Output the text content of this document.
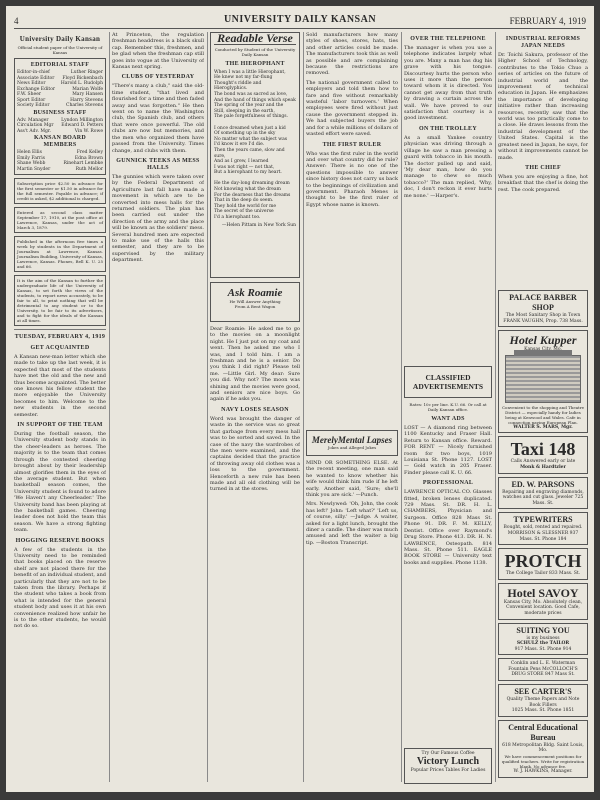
4	UNIVERSITY DAILY KANSAN	FEBRUARY 4, 1919
University Daily Kansan
Official student paper of the University of Kansas
EDITORIAL STAFF
Editor-in-chief	Luther Ringer
Associate Editor Floyd Bickenbach
News Editor	Harold L. Rudolph
Exchange Editor	Marian Wolfe
F.W. Sheer	Mary Hansen
Sport Editor	Harry Stevens
Society Editor	Charles Stevens
BUSINESS STAFF
Adv. Manager	Lyndon Millington
Circulation Mgr Edward D. Petters
Ass't Adv. Mgr.	Vin W. Rowe
KANSAN BOARD MEMBERS
Helen Ellis	Fred Kelley
Emily Farris	Edna Brown
Shane Webb	Rinehart Lembke
Martin Snyder	Ruth Mellor
Subscription price $2.50 in advance for the first semester or $1.50 in advance for the full semester. Payable in advance; if credit is asked, $2 additional is charged.
Entered as second class matter September 17, 1910, at the post office at Lawrence, Kansas, under the act of March 3, 1879.
Published in the afternoon five times a week by students in the Department of Journalism at Lawrence, Kansas. Journalism Building, University of Kansas, Lawrence, Kansas. Phones, Bell K. U. 25 and 66.
It is the aim of the Kansan to further the undergraduate life of the University of Kansas, to set forth the views of the students, to report news accurately, to be fair to all, to print nothing that will be detrimental to any student or to the University, to be fair to its advertisers, and to fight for the ideals of the Kansan at all times.
TUESDAY, FEBRUARY 4, 1919
GET ACQUAINTED
A Kansan new-man letter which she made to take up the last week, it is expected that most of the students have met the old and the new and thus become acquainted. The better one knows his fellow student the more enjoyable the University becomes to him. Welcome to the new students in the second semester.
IN SUPPORT OF THE TEAM
During the football season, the University student body stands in the cheer-leaders as heroes. The majority is to the team that comes through the contested cheering brought about by their leadership almost glorifies them in the eyes of the average student. But when basketball season comes, the University student is found to adore 'We Haven't any Cheerleader.' The University band has been playing at the basketball games. Cheering leader does not hold the team this season. We have a strong fighting team.
HOGGING RESERVE BOOKS
A few of the students in the University need to be reminded that books placed on the reserve shelf are not placed there for the benefit of an individual student, and particularly that they are not to be taken from the library. Perhaps if the student who takes a book from what is intended for the general student body and uses it at his own convenience realized how unfair he is to the other students, he would not do so.
At Princeton, the regulation freshman headdress is a black skull cap. Remember this, freshmen, and be glad when the freshman cap still goes into vogue at the University of Kansas next spring.
CLUBS OF YESTERDAY
"There's many a club," said the old-time student, "that lived and flourished for a time and then faded away and was forgotten." He then went on to name the Washington club, the Spanish club, and others that were once powerful. The old clubs are now but memories, and the men who organized them have passed from the University. Times change, and clubs with them.
GUNNICK TEEKS AS MESS HALLS
The gunnies which were taken over by the Federal Department of Agriculture last fall have made a movement in which are to be converted into mess halls for the returned soldiers. The plan has been carried out under the direction of the army and the place will be known as the soldiers' mess. Several hundred men are expected to make use of the halls this semester, and they are to be supervised by the military department.
Readable Verse
Conducted by Student of the University Daily Kansan
THE HIEROPHANT
When I was a little Hierophant,
He knew not my far-flung
Thought's riddle and Hieroglyphics.
The bond was as sacred as love,
And the hand of things which speak
The spring of the year and the
Still, sleeping in the earth,
The pale forgetfulness of things.

I once dreamed when just a kid
Of something up in the sky
No matter what the subject was
I'd know it ere I'd die.
Then the years came, slow and sure,
And as I grew, I learned
I was not right — not that,
But a hierophant to my heart.

He the day-long dreaming dream
Not knowing what the dream
For the dearness that the dreams
That in the deep do seem.
They hold the world for me
The secret of the universe
I'd a hierophant too.
—Helen Pittam in New York Sun
Ask Roamie
He Will Answer Anything
From A Bent Wagon
Dear Roamie: He asked me to go to the movies on a moonlight night. He I just put on my coat and went. Then he asked me who I was, and I told him. I am a freshman and he is a senior. Do you think I did right? Please tell me. —Little Girl. My dear: Sure you did. Why not? The moon was shining and the movies were good, and seniors are nice boys. Go again if he asks you.
NAVY LOSES SEASON
Word was brought the danger of waste in the service was so great that garbage from every mess hall was to be sorted and saved. In the case of the navy the wardrobes of the men were examined, and the captains decided that the practice of throwing away old clothes was a loss to the government. Henceforth a new rule has been made and all old clothing will be turned in at the stores.
Sold manufacturers how many styles of shoes, stores, hats, ties and other articles could be made. The manufacturers took this as well as possible and are complaining because the restrictions are removed.
The national government called to employers and told them how to fare and five without remarkably wasteful 'labor turnovers.' When employees were fired without just cause the government stepped in. We had subjected buyers the job and for a while millions of dollars of wasted effort were saved.
THE FIRST RULER
Who was the first ruler in the world and over what country did he rule? Answer: There is no one of the questions impossible to answer since history does not carry us back to the beginnings of civilization and government. Pharaoh Menes is thought to be the first ruler of Egypt whose name is known.
MerelyMental Lapses
Jokes and Alleged Jokes
MIND OR SOMETHING ELSE. At the recent meeting, one man said he wanted to know whether his wife would think him rude if he left early. Another said, 'Sure; she'll think you are sick.' —Punch.
Mrs. Newlywed: 'Oh, John, the cook has left!' John: 'Left what?' 'Left us, of course, silly.' —Judge. A waiter, asked for a light lunch, brought the diner a candle. The diner was much amused and left the waiter a big tip. —Boston Transcript.
OVER THE TELEPHONE
The manager is when you use a telephone indicates largely what you are. Many a man has dug his grave with his tongue. Discourtesy hurts the person who uses it more than the person toward whom it is directed. You cannot get away from that truth by drawing a curtain across the wall. We have proved to our satisfaction that courtesy is a good investment.
ON THE TROLLEY
As a small Yankee country physician was driving through a village he saw a man pressing a guard with tobacco in his mouth. The doctor pulled up and said, 'My dear man, how do you manage to chew so much tobacco?' The man replied, 'Why, doc, I don't reckon it ever hurts me none.' —Harper's.
CLASSIFIED ADVERTISEMENTS
Rates: 10c per line. K.U. 66. Or call at Daily Kansan office.
WANT ADS
LOST — A diamond ring between 1100 Kentucky and Fraser Hall. Return to Kansan office. Reward. FOR RENT — Nicely furnished room for two boys, 1019 Louisiana St. Phone 1127. LOST — Gold watch in 205 Fraser. Finder please call K. U. 66.
PROFESSIONAL
LAWRENCE OPTICAL CO. Glasses fitted, broken lenses duplicated. 729 Mass. St. DR. H. L. CHAMBERS, Physician and Surgeon. Office 828 Mass St. Phone 91. DR. F. M. KELLY, Dentist. Office over Raymond's Drug Store. Phone 413. DR. H. N. LAWRENCE, Osteopath. 814 Mass. St. Phone 511. EAGLE BOOK STORE — University text books and supplies. Phone 1138.
Try Our Famous Coffee
Victory Lunch
Popular Prices Tables For Ladies
INDUSTRIAL REFORMS JAPAN NEEDS
Dr. Toichi Sakura, professor of the Higher School of Technology, contributes to the Tokio Chuo a series of articles on the future of industrial world and the improvement of technical education in Japan. He emphasizes the importance of developing initiative rather than increasing resources, recently saw that the world was too practically come to a close. He draws lessons from the industrial development of the United States. Capital is the greatest need in Japan, he says, for without it improvements cannot be made.
THE CHIEF
When you are enjoying a fine, hot breakfast that the chef is doing the rest. The cook prepared.
PALACE BARBER SHOP
The Most Sanitary Shop in Town
FRANK VAUGHN, Prop. 738 Mass.
Hotel Kupper
Convenient to the shopping and Theatre District — especially handy for ladies being at Kenwood and Wales. Cafe in connection paying European Plan.
WALTER S. MARS, Mgr.
Taxi 148
Calls Answered early or late
Monk & Hardtzler
ED. W. PARSONS
Repairing and engraving diamonds, watches and cut glass. Jeweler 725 Mass. St.
TYPEWRITERS
Bought, sold, rented and repaired.
MORRISON & SLESSNER 937 Mass. St. Phone 184
PROTCH
The College Tailor 833 Mass. St.
Hotel SAVOY
Kansas City, Mo. Absolutely clean, Convenient location. Good Cafe, moderate prices
SUITING YOU
is my business
SCHULZ the TAILOR
917 Mass. St. Phone 914
Conklin and L. E. Waterman Fountain Pens McCOLLOCH'S DRUG STORE 847 Mass St.
SEE CARTER'S
Quality Theme Papers and Note Book Fillers
1025 Mass. St. Phone 1851
Central Educational Bureau
618 Metropolitan Bldg. Saint Louis, Mo.
We have commencement positions for qualified teachers. Write for registration blank. No advance fee.
W. J. HAWKINS, Manager.
